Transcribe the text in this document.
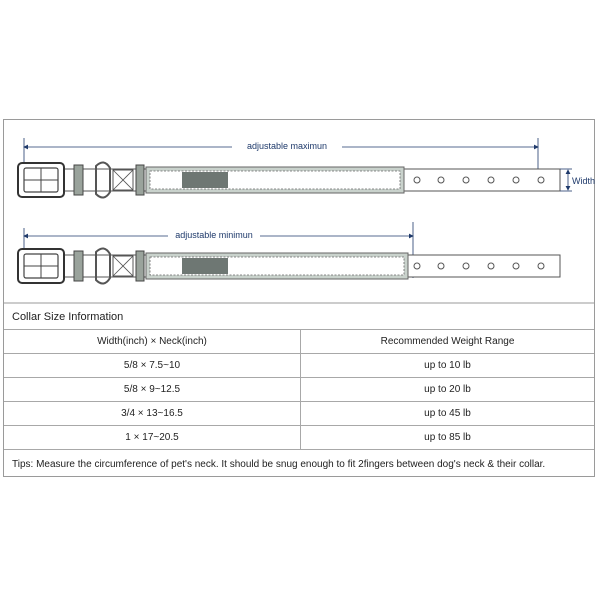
adjustable maximun
Width
adjustable minimun
Collar Size Information
Width(inch) × Neck(inch)	Recommended Weight Range
5/8 × 7.5~10	up to 10 lb
5/8 × 9~12.5	up to 20 lb
3/4 × 13~16.5	up to 45 lb
1 × 17~20.5	up to 85 lb
Tips: Measure the circumference of pet's neck. It should be snug enough to fit 2fingers between dog's neck & their collar.
